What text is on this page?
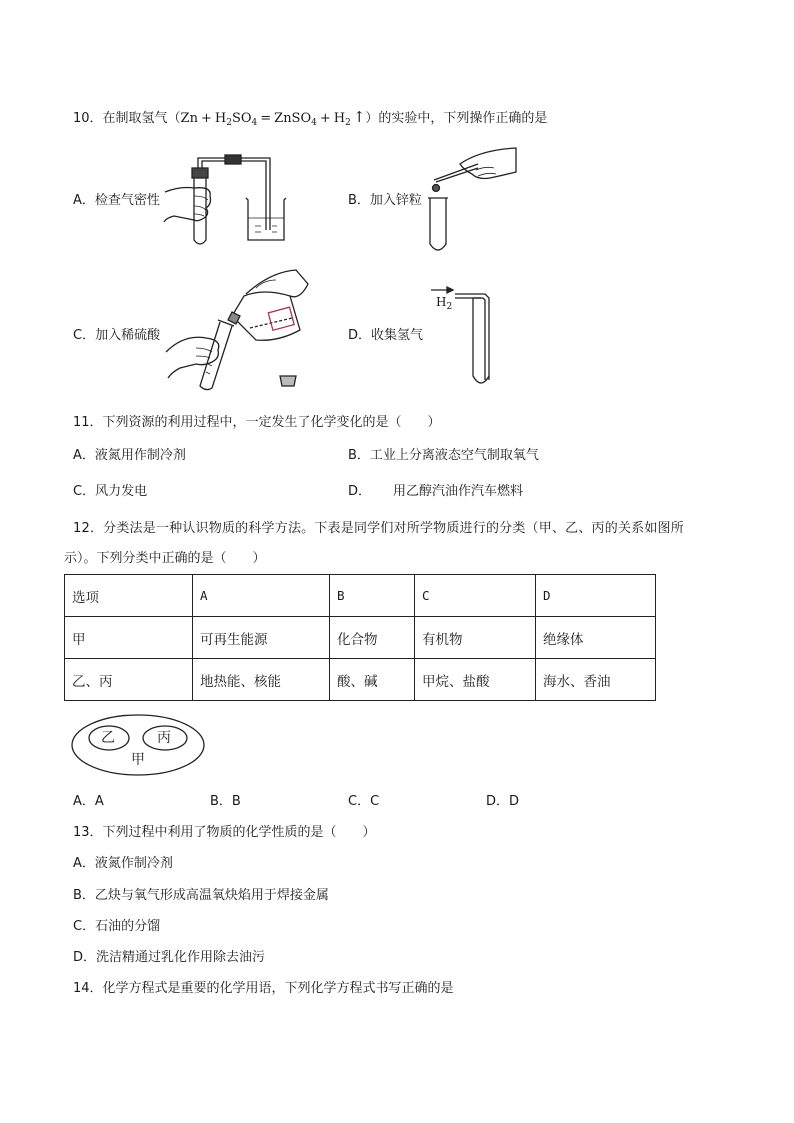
10．在制取氢气（$Zn + H_2SO_4$ = ZnSO$_4$ + $H_2$ ↑）的实验中，下列操作正确的是
A．检查气密性	B．加入锌粒
C．加入稀硫酸	D．收集氢气
$H_2$
11．下列资源的利用过程中，一定发生了化学变化的是（　　）
A．液氮用作制冷剂	B．工业上分离液态空气制取氧气
C．风力发电	D． 用乙醇汽油作汽车燃料
12．分类法是一种认识物质的科学方法。下表是同学们对所学物质进行的分类（甲、乙、丙的关系如图所
示）。下列分类中正确的是（　　）
选项	A	B	C	D
甲	可再生能源	化合物	有机物	绝缘体
乙、丙	地热能、核能	酸、碱	甲烷、盐酸	海水、香油
乙	丙
甲
A．A	B．B	C．C	D．D
13．下列过程中利用了物质的化学性质的是（　　）
A．液氮作制冷剂
B．乙炔与氧气形成高温氧炔焰用于焊接金属
C．石油的分馏
D．洗洁精通过乳化作用除去油污
14．化学方程式是重要的化学用语，下列化学方程式书写正确的是
